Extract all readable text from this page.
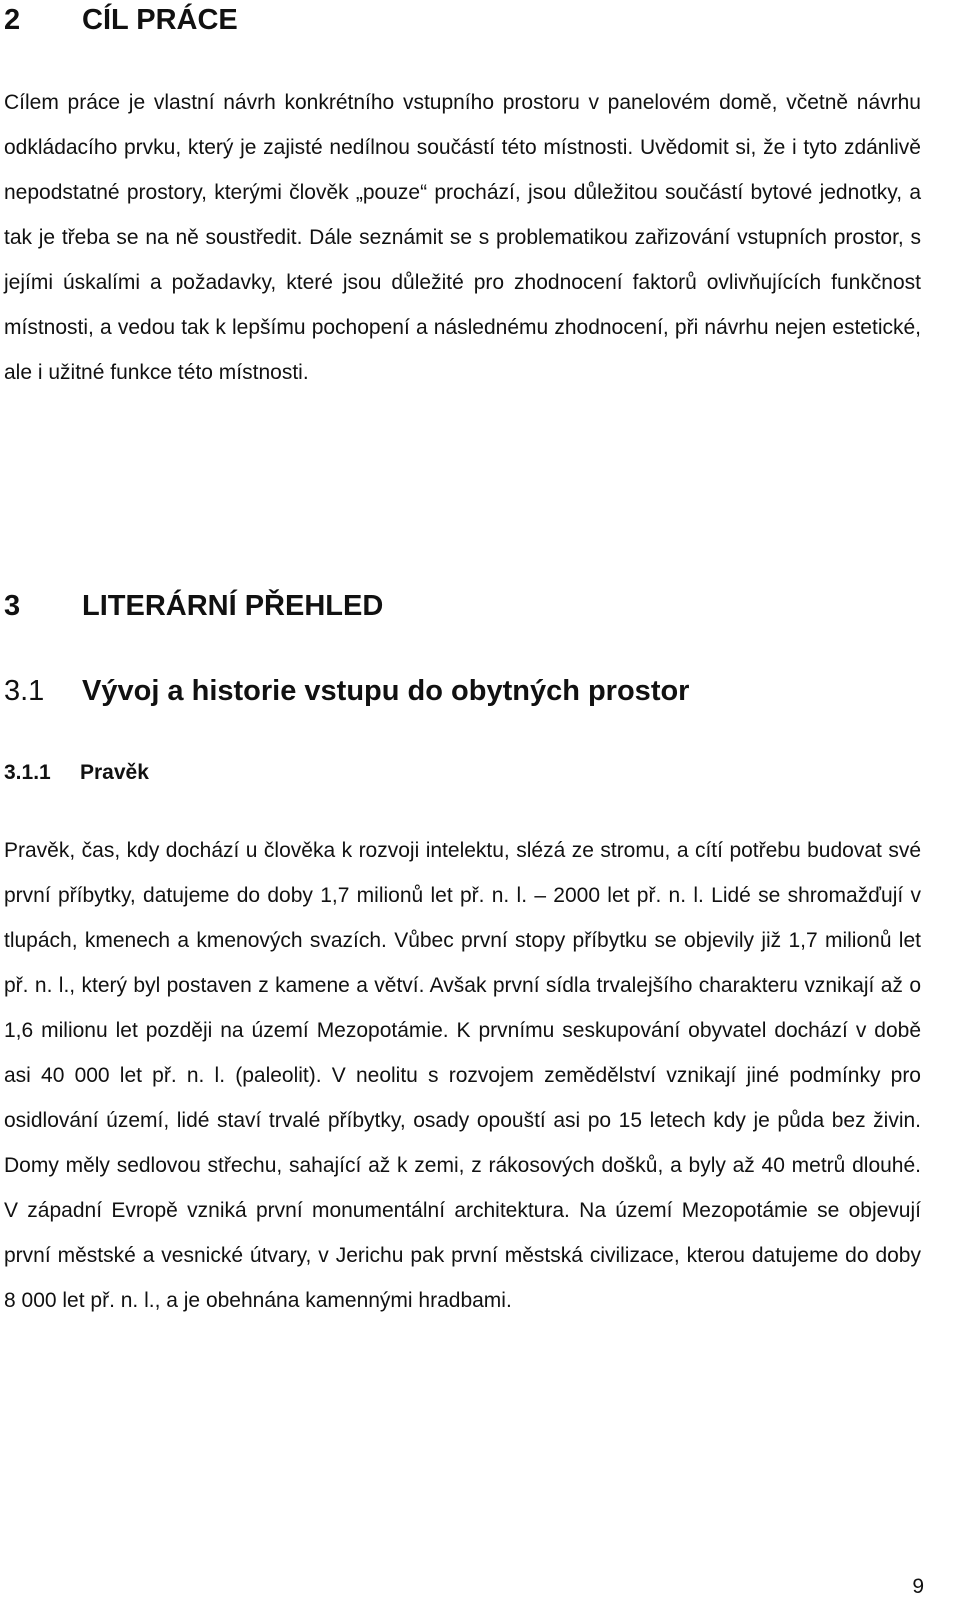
2 CÍL PRÁCE

Cílem práce je vlastní návrh konkrétního vstupního prostoru v panelovém domě, včetně návrhu odkládacího prvku, který je zajisté nedílnou součástí této místnosti. Uvědomit si, že i tyto zdánlivě nepodstatné prostory, kterými člověk „pouze“ prochází, jsou důležitou součástí bytové jednotky, a tak je třeba se na ně soustředit. Dále seznámit se s problematikou zařizování vstupních prostor, s jejími úskalími a požadavky, které jsou důležité pro zhodnocení faktorů ovlivňujících funkčnost místnosti, a vedou tak k lepšímu pochopení a následnému zhodnocení, při návrhu nejen estetické, ale i užitné funkce této místnosti.

3 LITERÁRNÍ PŘEHLED
3.1 Vývoj a historie vstupu do obytných prostor
3.1.1 Pravěk

Pravěk, čas, kdy dochází u člověka k rozvoji intelektu, slézá ze stromu, a cítí potřebu budovat své první příbytky, datujeme do doby 1,7 milionů let př. n. l. – 2000 let př. n. l. Lidé se shromažďují v tlupách, kmenech a kmenových svazích. Vůbec první stopy příbytku se objevily již 1,7 milionů let př. n. l., který byl postaven z kamene a větví. Avšak první sídla trvalejšího charakteru vznikají až o 1,6 milionu let později na území Mezopotámie. K prvnímu seskupování obyvatel dochází v době asi 40 000 let př. n. l. (paleolit). V neolitu s rozvojem zemědělství vznikají jiné podmínky pro osidlování území, lidé staví trvalé příbytky, osady opouští asi po 15 letech kdy je půda bez živin. Domy měly sedlovou střechu, sahající až k zemi, z rákosových došků, a byly až 40 metrů dlouhé. V západní Evropě vzniká první monumentální architektura. Na území Mezopotámie se objevují první městské a vesnické útvary, v Jerichu pak první městská civilizace, kterou datujeme do doby 8 000 let př. n. l., a je obehnána kamennými hradbami.

9
